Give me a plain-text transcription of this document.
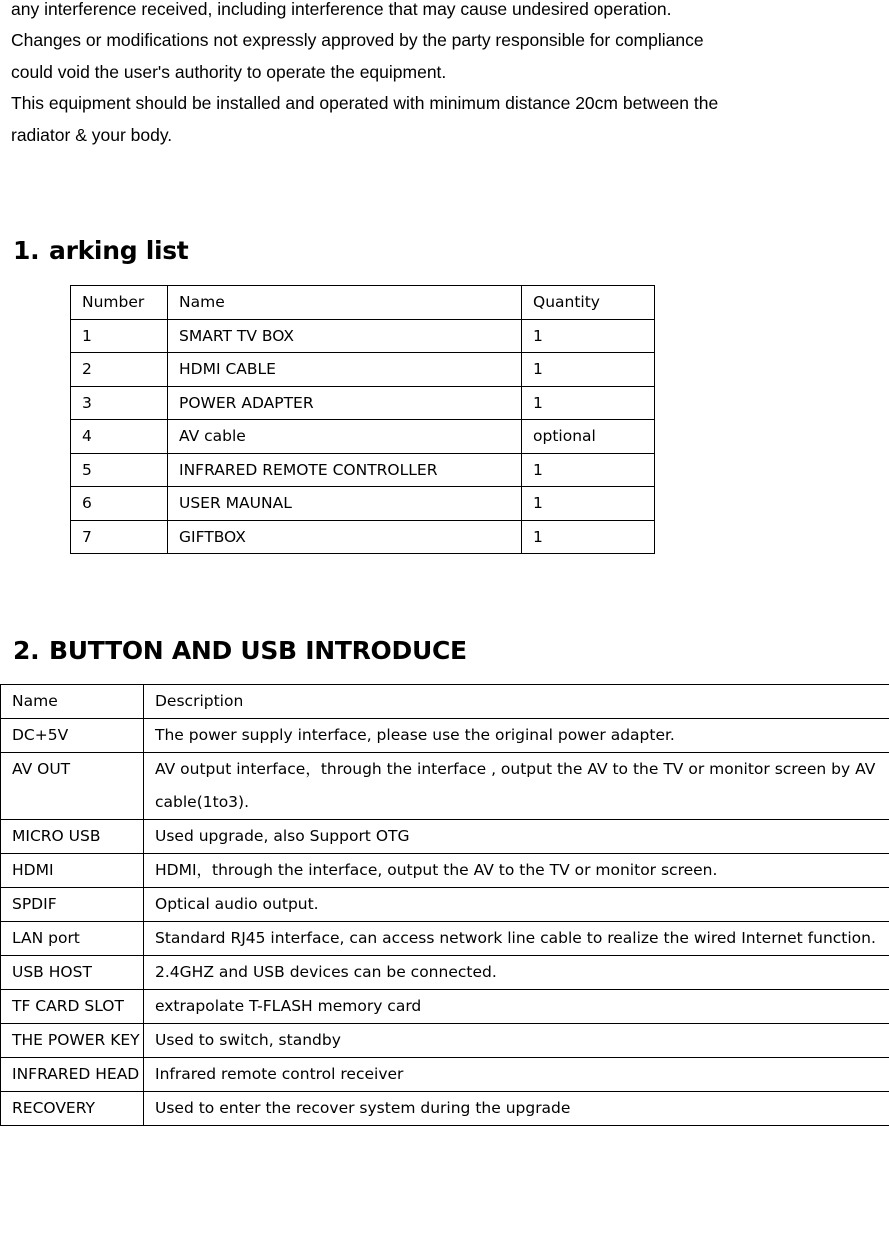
any interference received, including interference that may cause undesired operation.

Changes or modifications not expressly approved by the party responsible for compliance

could void the user's authority to operate the equipment.

This equipment should be installed and operated with minimum distance 20cm between the

radiator & your body.

1. arking list
Number	Name	Quantity
1	SMART TV BOX	1
2	HDMI CABLE	1
3	POWER ADAPTER	1
4	AV cable	optional
5	INFRARED REMOTE CONTROLLER	1
6	USER MAUNAL	1
7	GIFTBOX	1
2. BUTTON AND USB INTRODUCE
Name	Description
DC+5V	The power supply interface, please use the original power adapter.
AV OUT	AV output interface，through the interface , output the AV to the TV or monitor screen by AV cable(1to3).
MICRO USB	Used upgrade, also Support OTG
HDMI	HDMI，through the interface, output the AV to the TV or monitor screen.
SPDIF	Optical audio output.
LAN port	Standard RJ45 interface, can access network line cable to realize the wired Internet function.
USB HOST	2.4GHZ and USB devices can be connected.
TF CARD SLOT	extrapolate T-FLASH memory card
THE POWER KEY	Used to switch, standby
INFRARED HEAD	Infrared remote control receiver
RECOVERY	Used to enter the recover system during the upgrade
